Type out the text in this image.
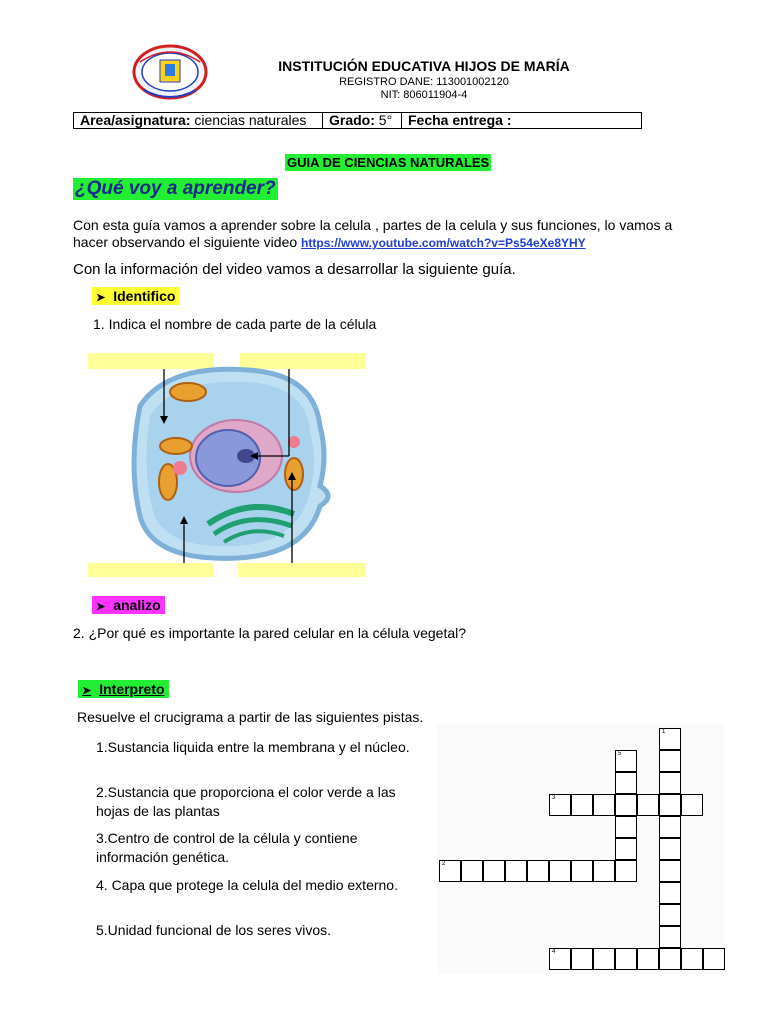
INSTITUCIÓN EDUCATIVA HIJOS DE MARÍA
REGISTRO DANE: 113001002120
NIT: 806011904-4
Area/asignatura: ciencias naturales	Grado: 5°	Fecha entrega :
GUIA DE CIENCIAS NATURALES
¿Qué voy a aprender?
Con esta guía vamos a aprender sobre la celula , partes de la celula y sus funciones, lo vamos a
hacer observando el siguiente video https://www.youtube.com/watch?v=Ps54eXe8YHY
Con la información del video vamos a desarrollar la siguiente guía.
➤ Identifico
1. Indica el nombre de cada parte de la célula
➤ analizo
2. ¿Por qué es importante la pared celular en la célula vegetal?
➤ Interpreto
Resuelve el crucigrama a partir de las siguientes pistas.
1.Sustancia liquida entre la membrana y el núcleo.
2.Sustancia que proporciona el color verde a las hojas de las plantas
3.Centro de control de la célula y contiene información genética.
4. Capa que protege la celula del medio externo.
5.Unidad funcional de los seres vivos.
1
5
3
2
4
